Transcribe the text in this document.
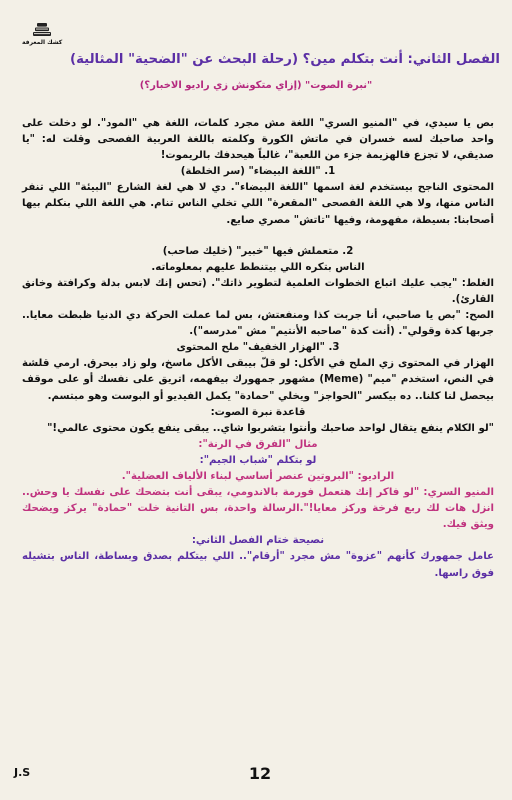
كشك المعرفة
الفصل الثاني: أنت بتكلم مين؟ (رحلة البحث عن "الضحية" المثالية)
"نبرة الصوت" (إزاي متكونش زي راديو الاخبار؟)

بص يا سيدي، في "المنيو السري" اللغة مش مجرد كلمات، اللغة هي "المود". لو دخلت على واحد صاحبك لسه خسران في ماتش الكورة وكلمته باللغة العربية الفصحى وقلت له: "يا صديقي، لا تجزع فالهزيمة جزء من اللعبة"، غالباً هيحدفك بالريموت!

1. "اللغة البيضاء" (سر الخلطة)

المحتوى الناجح بيستخدم لغة اسمها "اللغة البيضاء". دي لا هي لغة الشارع "البيئة" اللي تنفر الناس منها، ولا هي اللغة الفصحى "المقعرة" اللي تخلي الناس تنام. هي اللغة اللي بنكلم بيها أصحابنا: بسيطة، مفهومة، وفيها "تاتش" مصري صايع.

2. متعملش فيها "خبير" (خليك صاحب)

الناس بتكره اللي بيتنطط عليهم بمعلوماته.

الغلط: "يجب عليك اتباع الخطوات العلمية لتطوير ذاتك". (تحس إنك لابس بدلة وكرافتة وخانق القارئ).

الصح: "بص يا صاحبي، أنا جربت كذا ومنفعتش، بس لما عملت الحركة دي الدنيا ظبطت معايا.. جربها كدة وقولي". (أنت كدة "صاحبه الأنتيم" مش "مدرسه").

3. "الهزار الخفيف" ملح المحتوى

الهزار في المحتوى زي الملح في الأكل: لو قلّ بيبقى الأكل ماسخ، ولو زاد بيحرق. ارمي قلشة في النص، استخدم "ميم" (Meme) مشهور جمهورك بيفهمه، اتريق على نفسك أو على موقف بيحصل لنا كلنا.. ده بيكسر "الحواجز" ويخلي "حمادة" يكمل الفيديو أو البوست وهو مبتسم.

قاعدة نبرة الصوت:

"لو الكلام ينفع يتقال لواحد صاحبك وأنتوا بتشربوا شاي.. يبقى ينفع يكون محتوى عالمي!"

مثال "الفرق في الرنة":

لو بتكلم "شباب الجيم":

الراديو: "البروتين عنصر أساسي لبناء الألياف العضلية".

المنيو السري: "لو فاكر إنك هتعمل فورمة بالاندومي، يبقى أنت بتضحك على نفسك يا وحش.. انزل هات لك ربع فرخة وركز معايا!".الرسالة واحدة، بس التانية خلت "حمادة" يركز ويضحك ويثق فيك.

نصيحة ختام الفصل الثاني:

عامل جمهورك كأنهم "عزوة" مش مجرد "أرقام".. اللي بيتكلم بصدق وبساطة، الناس بتشيله فوق راسها.

J.S	12
